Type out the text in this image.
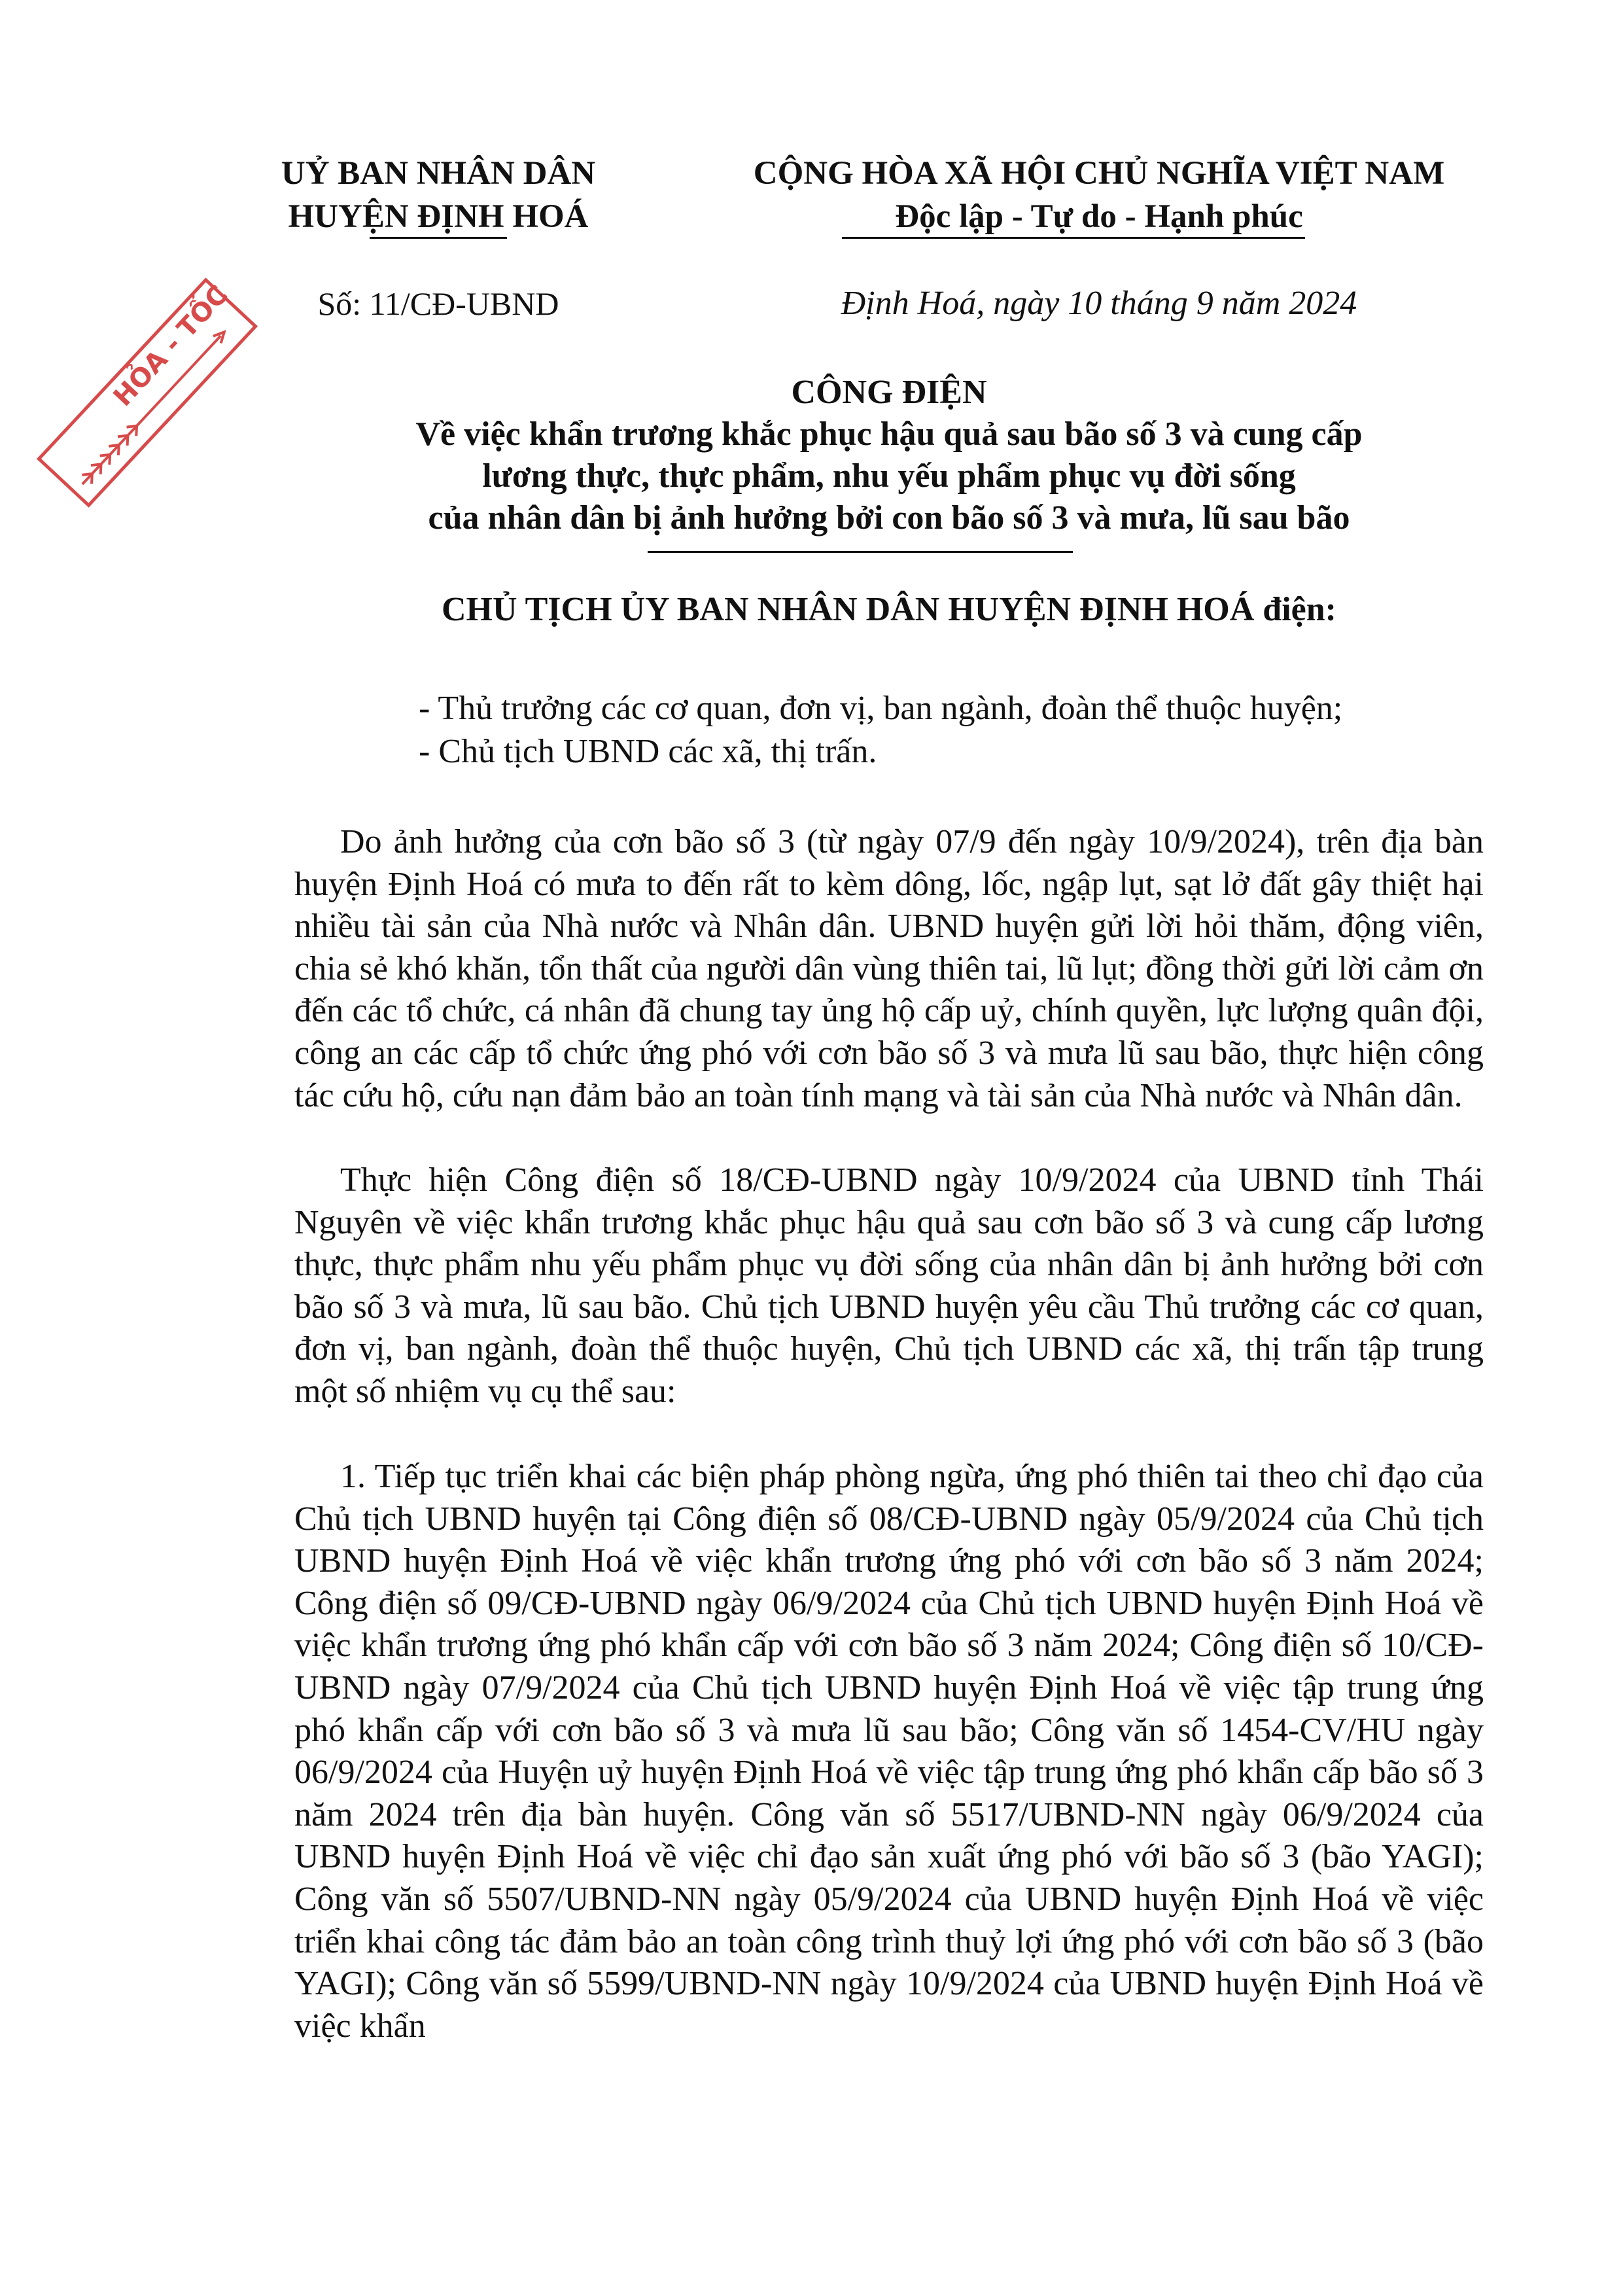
UỶ BAN NHÂN DÂN
HUYỆN ĐỊNH HOÁ
CỘNG HÒA XÃ HỘI CHỦ NGHĨA VIỆT NAM
Độc lập - Tự do - Hạnh phúc
Số: 11/CĐ-UBND	Định Hoá, ngày 10 tháng 9 năm 2024
HỎA - TỐC	CÔNG ĐIỆN
Về việc khẩn trương khắc phục hậu quả sau bão số 3 và cung cấp
lương thực, thực phẩm, nhu yếu phẩm phục vụ đời sống
của nhân dân bị ảnh hưởng bởi con bão số 3 và mưa, lũ sau bão
CHỦ TỊCH ỦY BAN NHÂN DÂN HUYỆN ĐỊNH HOÁ điện:
- Thủ trưởng các cơ quan, đơn vị, ban ngành, đoàn thể thuộc huyện;
- Chủ tịch UBND các xã, thị trấn.

Do ảnh hưởng của cơn bão số 3 (từ ngày 07/9 đến ngày 10/9/2024), trên địa bàn huyện Định Hoá có mưa to đến rất to kèm dông, lốc, ngập lụt, sạt lở đất gây thiệt hại nhiều tài sản của Nhà nước và Nhân dân. UBND huyện gửi lời hỏi thăm, động viên, chia sẻ khó khăn, tổn thất của người dân vùng thiên tai, lũ lụt; đồng thời gửi lời cảm ơn đến các tổ chức, cá nhân đã chung tay ủng hộ cấp uỷ, chính quyền, lực lượng quân đội, công an các cấp tổ chức ứng phó với cơn bão số 3 và mưa lũ sau bão, thực hiện công tác cứu hộ, cứu nạn đảm bảo an toàn tính mạng và tài sản của Nhà nước và Nhân dân.

Thực hiện Công điện số 18/CĐ-UBND ngày 10/9/2024 của UBND tỉnh Thái Nguyên về việc khẩn trương khắc phục hậu quả sau cơn bão số 3 và cung cấp lương thực, thực phẩm nhu yếu phẩm phục vụ đời sống của nhân dân bị ảnh hưởng bởi cơn bão số 3 và mưa, lũ sau bão. Chủ tịch UBND huyện yêu cầu Thủ trưởng các cơ quan, đơn vị, ban ngành, đoàn thể thuộc huyện, Chủ tịch UBND các xã, thị trấn tập trung một số nhiệm vụ cụ thể sau:

1. Tiếp tục triển khai các biện pháp phòng ngừa, ứng phó thiên tai theo chỉ đạo của Chủ tịch UBND huyện tại Công điện số 08/CĐ-UBND ngày 05/9/2024 của Chủ tịch UBND huyện Định Hoá về việc khẩn trương ứng phó với cơn bão số 3 năm 2024; Công điện số 09/CĐ-UBND ngày 06/9/2024 của Chủ tịch UBND huyện Định Hoá về việc khẩn trương ứng phó khẩn cấp với cơn bão số 3 năm 2024; Công điện số 10/CĐ-UBND ngày 07/9/2024 của Chủ tịch UBND huyện Định Hoá về việc tập trung ứng phó khẩn cấp với cơn bão số 3 và mưa lũ sau bão; Công văn số 1454-CV/HU ngày 06/9/2024 của Huyện uỷ huyện Định Hoá về việc tập trung ứng phó khẩn cấp bão số 3 năm 2024 trên địa bàn huyện. Công văn số 5517/UBND-NN ngày 06/9/2024 của UBND huyện Định Hoá về việc chỉ đạo sản xuất ứng phó với bão số 3 (bão YAGI); Công văn số 5507/UBND-NN ngày 05/9/2024 của UBND huyện Định Hoá về việc triển khai công tác đảm bảo an toàn công trình thuỷ lợi ứng phó với cơn bão số 3 (bão YAGI); Công văn số 5599/UBND-NN ngày 10/9/2024 của UBND huyện Định Hoá về việc khẩn
